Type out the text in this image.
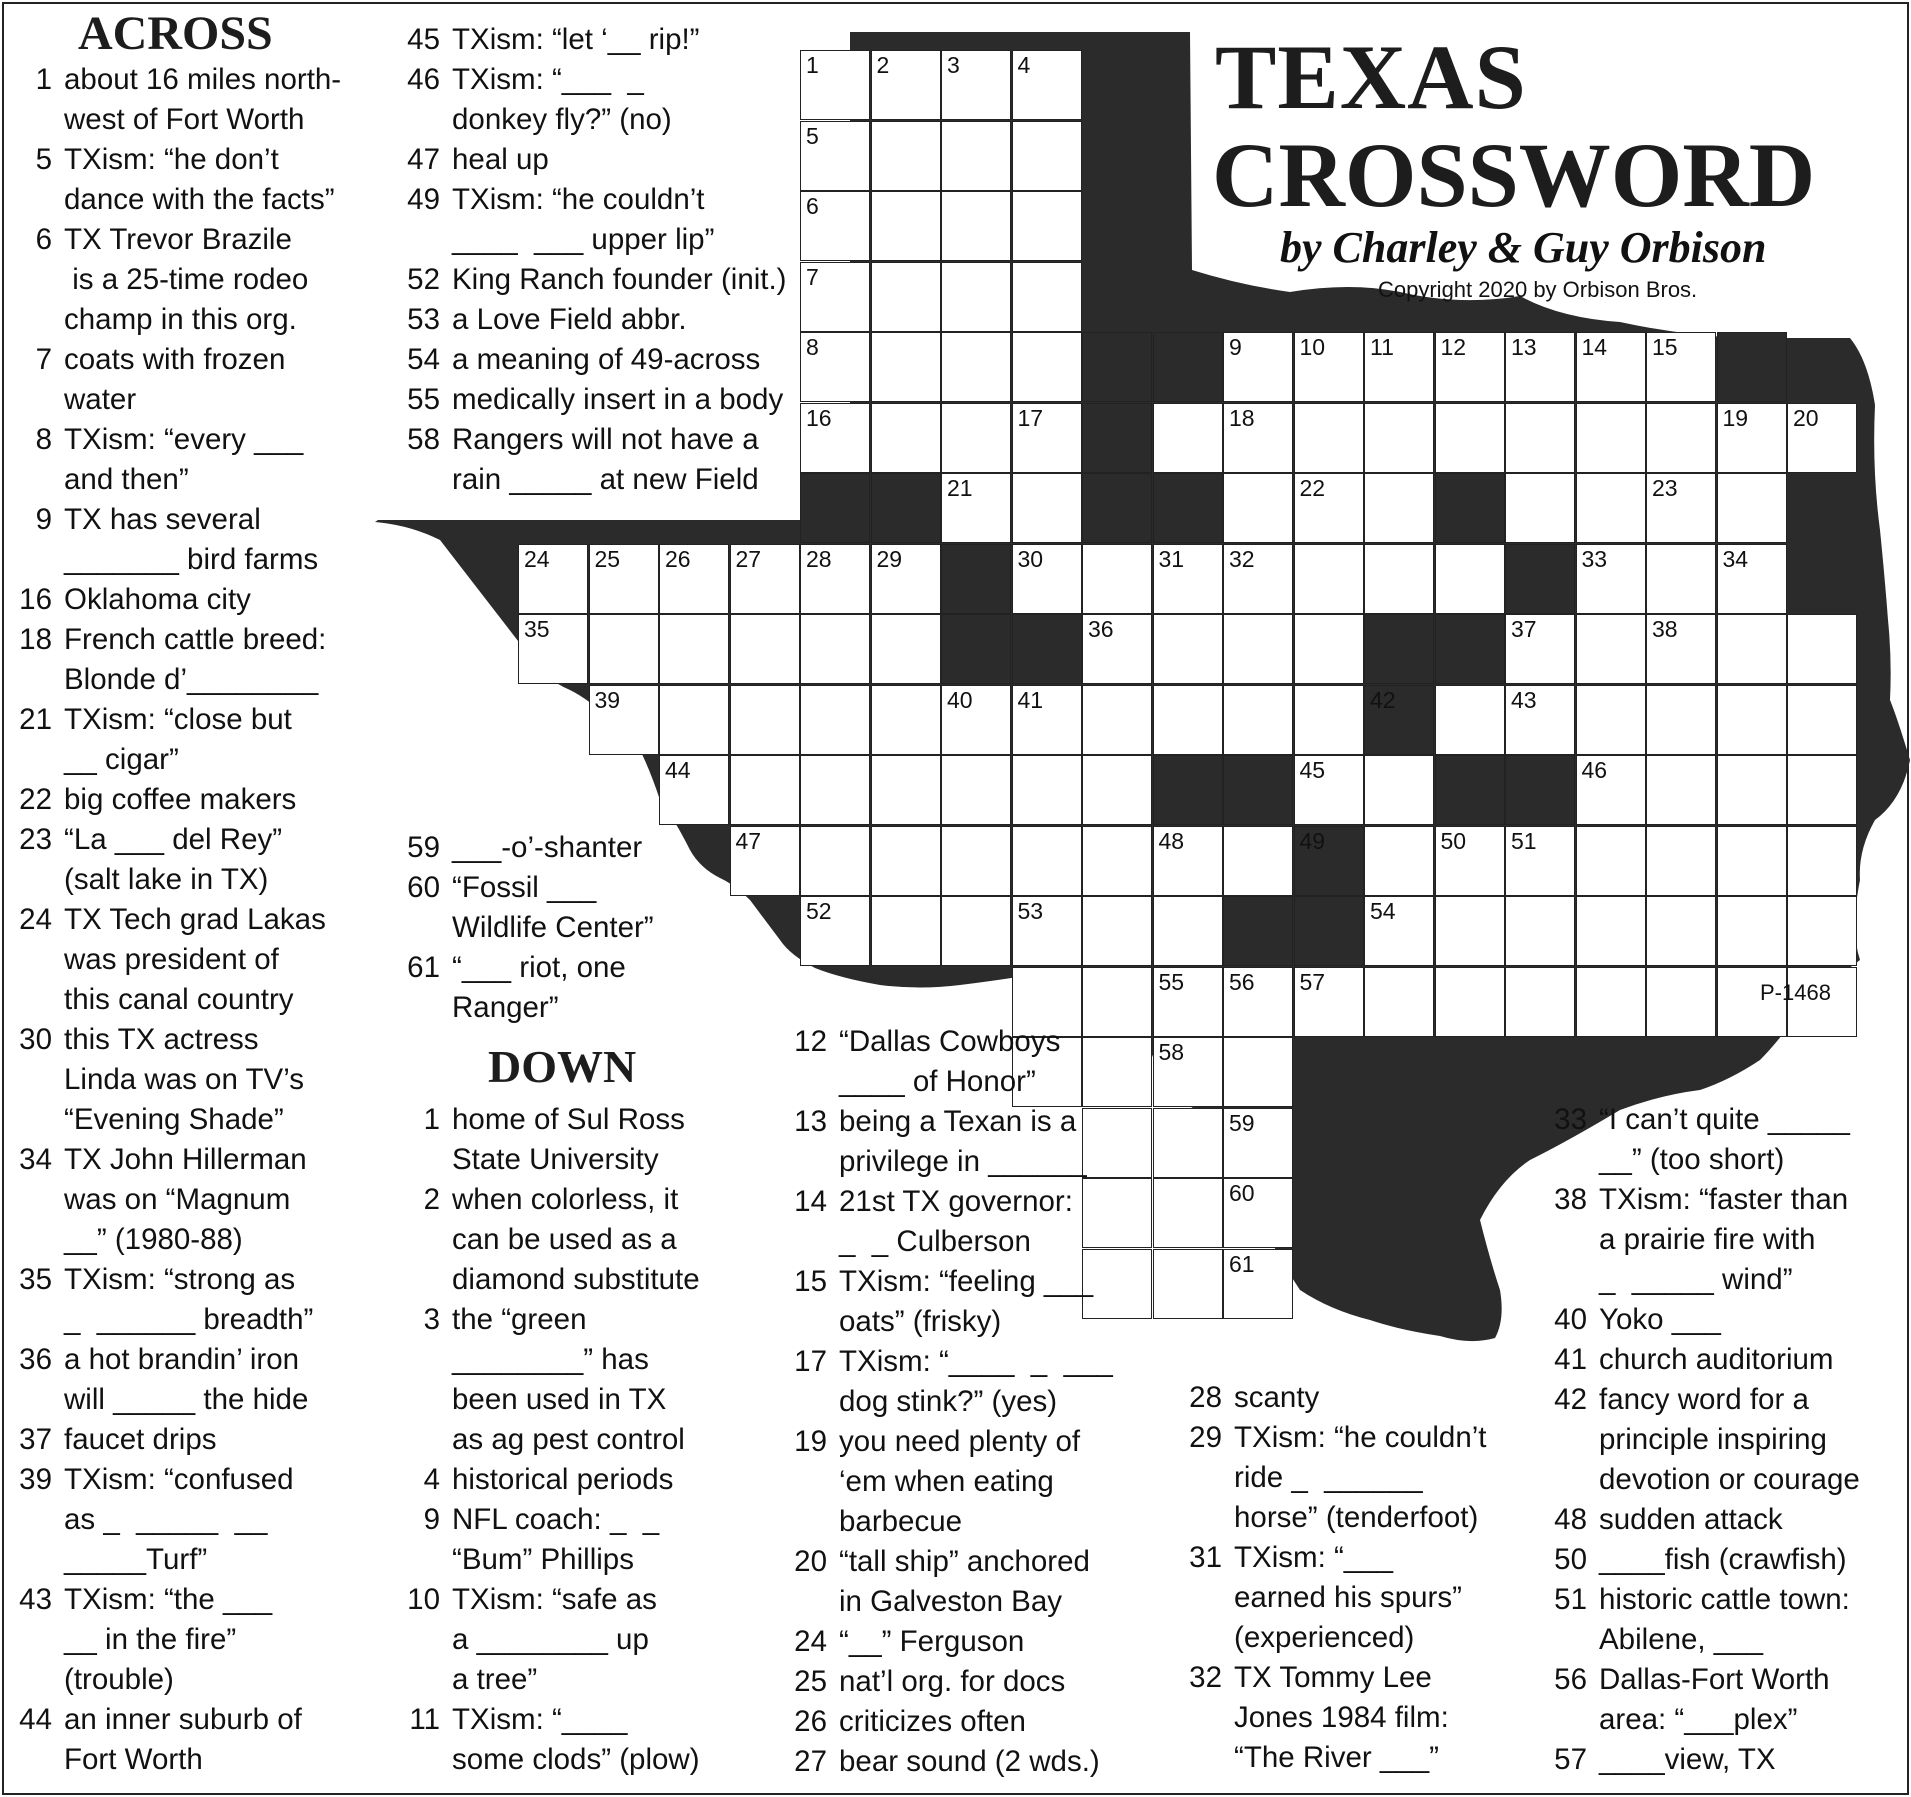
1	2	3	4
5
6
7
8	9	10 11 12 13 14 15
16	17	18	19 20
21	22	23
24 25 26 27 28 29	30	31 32	33	34
35	36	37	38
39	40 41	42	43
44	45	46
47	48	49	50 51
52	53	54
55 56 57
58
59
60
61
ACROSS	TEXAS
CROSSWORD
by Charley & Guy Orbison
Copyright 2020 by Orbison Bros.
P-1468
DOWN
1 about 16 miles north-
west of Fort Worth
5 TXism: “he don’t
dance with the facts”
6 TX Trevor Brazile
is a 25-time rodeo
champ in this org.
7 coats with frozen
water
8 TXism: “every ___
and then”
9 TX has several
_______ bird farms
16 Oklahoma city
18 French cattle breed:
Blonde d’________
21 TXism: “close but
__ cigar”
22 big coffee makers
23 “La ___ del Rey”
(salt lake in TX)
24 TX Tech grad Lakas
was president of
this canal country
30 this TX actress
Linda was on TV’s
“Evening Shade”
34 TX John Hillerman
was on “Magnum
__” (1980-88)
35 TXism: “strong as
_  ______ breadth”
36 a hot brandin’ iron
will _____ the hide
37 faucet drips
39 TXism: “confused
as _  _____  __
_____Turf”
43 TXism: “the ___
__ in the fire”
(trouble)
44 an inner suburb of
Fort Worth
45 TXism: “let ‘__ rip!”
46 TXism: “___  _
donkey fly?” (no)
47 heal up
49 TXism: “he couldn’t
____  ___ upper lip”
52 King Ranch founder (init.)
53 a Love Field abbr.
54 a meaning of 49-across
55 medically insert in a body
58 Rangers will not have a
rain _____ at new Field
59 ___-o’-shanter
60 “Fossil ___
Wildlife Center”
61 “___ riot, one
Ranger”
1 home of Sul Ross
State University
2 when colorless, it
can be used as a
diamond substitute
3 the “green
________” has
been used in TX
as ag pest control
4 historical periods
9 NFL coach: _  _
“Bum” Phillips
10 TXism: “safe as
a ________ up
a tree”
11 TXism: “____
some clods” (plow)
12 “Dallas Cowboys
____ of Honor”
13 being a Texan is a
privilege in ______
14 21st TX governor:
_  _ Culberson
15 TXism: “feeling ___
oats” (frisky)
17 TXism: “____  _  ___
dog stink?” (yes)
19 you need plenty of
‘em when eating
barbecue
20 “tall ship” anchored
in Galveston Bay
24 “__” Ferguson
25 nat’l org. for docs
26 criticizes often
27 bear sound (2 wds.)
28 scanty
29 TXism: “he couldn’t
ride _  ______
horse” (tenderfoot)
31 TXism: “___
earned his spurs”
(experienced)
32 TX Tommy Lee
Jones 1984 film:
“The River ___”
33 “I can’t quite _____
__” (too short)
38 TXism: “faster than
a prairie fire with
_  _____ wind”
40 Yoko ___
41 church auditorium
42 fancy word for a
principle inspiring
devotion or courage
48 sudden attack
50 ____fish (crawfish)
51 historic cattle town:
Abilene, ___
56 Dallas-Fort Worth
area: “___plex”
57 ____view, TX
